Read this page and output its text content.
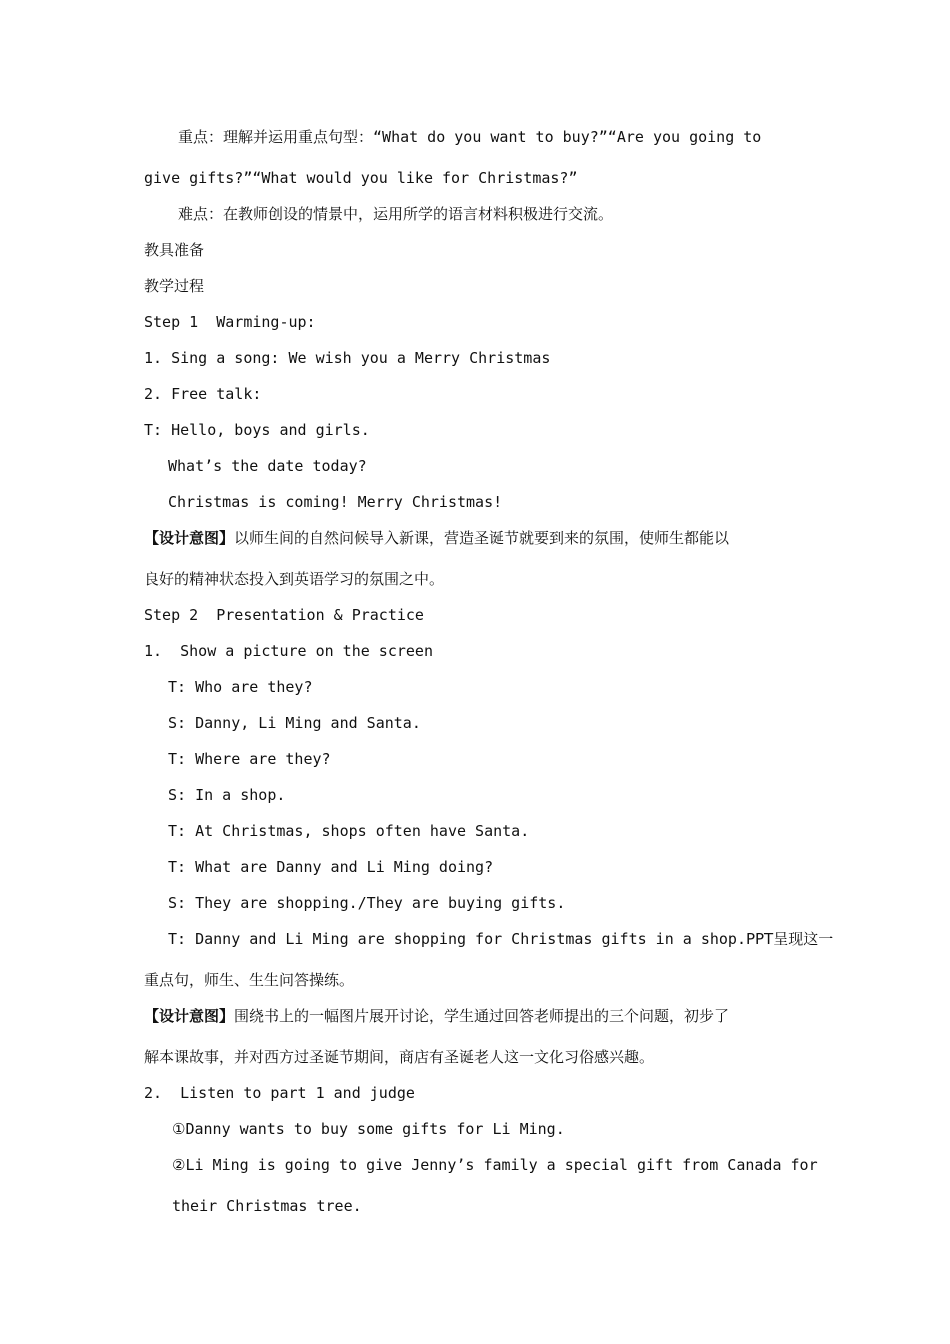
重点：理解并运用重点句型：“What do you want to buy?”“Are you going to
give gifts?”“What would you like for Christmas?”
难点：在教师创设的情景中，运用所学的语言材料积极进行交流。
教具准备
教学过程
Step 1  Warming-up:
1. Sing a song: We wish you a Merry Christmas
2. Free talk:
T: Hello, boys and girls.
What’s the date today?
Christmas is coming! Merry Christmas!
【设计意图】以师生间的自然问候导入新课，营造圣诞节就要到来的氛围，使师生都能以
良好的精神状态投入到英语学习的氛围之中。
Step 2  Presentation & Practice
1.  Show a picture on the screen
T: Who are they?
S: Danny, Li Ming and Santa.
T: Where are they?
S: In a shop.
T: At Christmas, shops often have Santa.
T: What are Danny and Li Ming doing?
S: They are shopping./They are buying gifts.
T: Danny and Li Ming are shopping for Christmas gifts in a shop.PPT呈现这一
重点句，师生、生生问答操练。
【设计意图】围绕书上的一幅图片展开讨论，学生通过回答老师提出的三个问题，初步了
解本课故事，并对西方过圣诞节期间，商店有圣诞老人这一文化习俗感兴趣。
2.  Listen to part 1 and judge
①Danny wants to buy some gifts for Li Ming.
②Li Ming is going to give Jenny’s family a special gift from Canada for
their Christmas tree.
